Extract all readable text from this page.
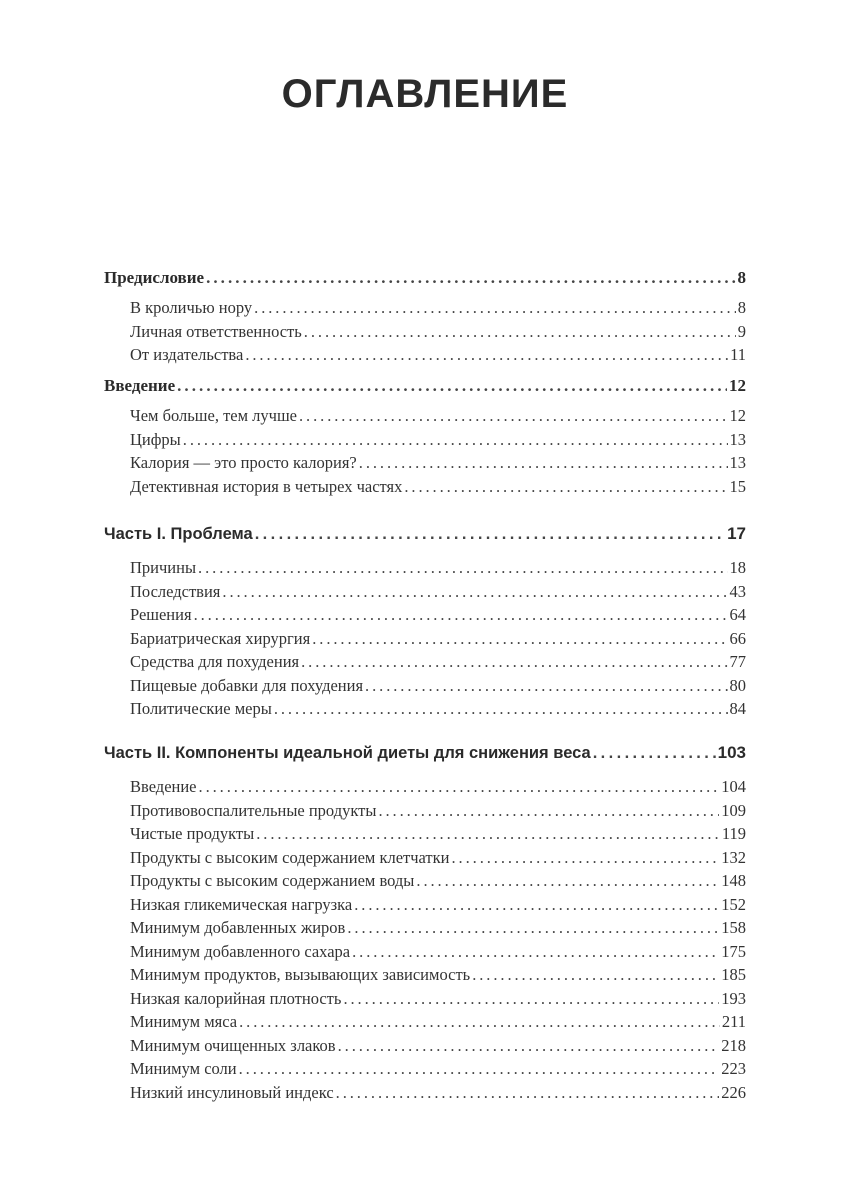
ОГЛАВЛЕНИЕ
Предисловие . . .	8
В кроличью нору . . .	8
Личная ответственность . . .	9
От издательства . . .	11
Введение . . .	12
Чем больше, тем лучше . . .	12
Цифры . . .	13
Калория — это просто калория? . . .	13
Детективная история в четырех частях . . .	15
Часть I. Проблема . . .	17
Причины . . .	18
Последствия . . .	43
Решения . . .	64
Бариатрическая хирургия . . .	66
Средства для похудения . . .	77
Пищевые добавки для похудения . . .	80
Политические меры . . .	84
Часть II. Компоненты идеальной диеты для снижения веса . . .	103
Введение . . .	104
Противовоспалительные продукты . . .	109
Чистые продукты . . .	119
Продукты с высоким содержанием клетчатки . . .	132
Продукты с высоким содержанием воды . . .	148
Низкая гликемическая нагрузка . . .	152
Минимум добавленных жиров . . .	158
Минимум добавленного сахара . . .	175
Минимум продуктов, вызывающих зависимость . . .	185
Низкая калорийная плотность . . .	193
Минимум мяса . . .	211
Минимум очищенных злаков . . .	218
Минимум соли . . .	223
Низкий инсулиновый индекс . . .	226
